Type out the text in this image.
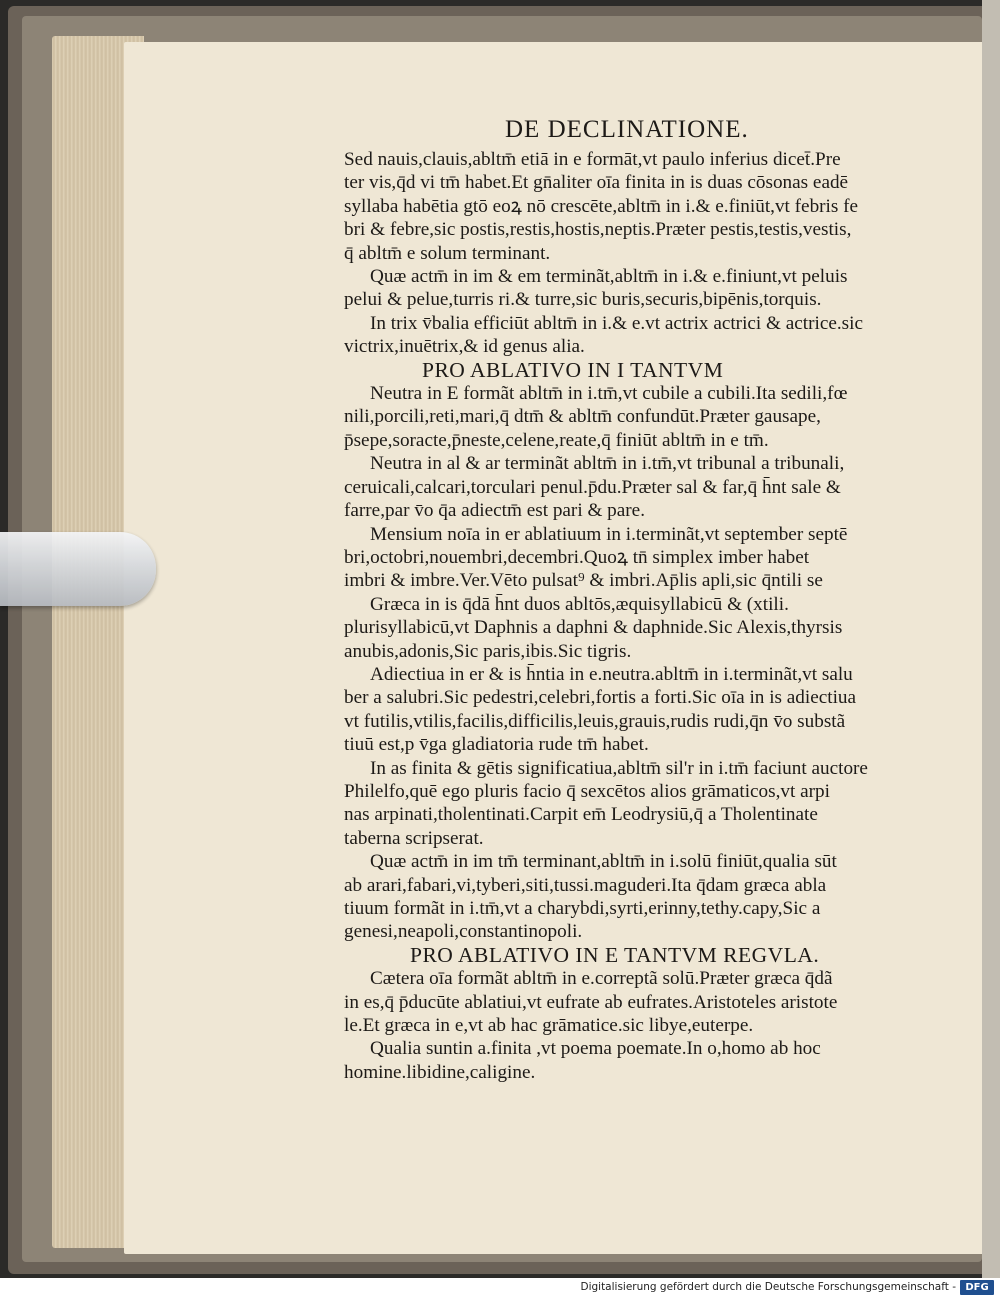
DE DECLINATIONE.
Sed nauis,clauis,abltm̄ etiā in e formāt,vt paulo inferius dicet̄.Pre
ter vis,q̄d vi tm̄ habet.Et gn̄aliter oīa finita in is duas cōsonas eadē
syllaba habētia gtō eoꝝ nō crescēte,abltm̄ in i.& e.finiūt,vt febris fe
bri & febre,sic postis,restis,hostis,neptis.Præter pestis,testis,vestis,
q̄ abltm̄ e solum terminant.
Quæ actm̄ in im & em terminãt,abltm̄ in i.& e.finiunt,vt peluis
pelui & pelue,turris ri.& turre,sic buris,securis,bipēnis,torquis.
In trix v̄balia efficiūt abltm̄ in i.& e.vt actrix actrici & actrice.sic
victrix,inuētrix,& id genus alia.
PRO ABLATIVO IN I TANTVM
Neutra in E formãt abltm̄ in i.tm̄,vt cubile a cubili.Ita sedili,fœ
nili,porcili,reti,mari,q̄ dtm̄ & abltm̄ confundūt.Præter gausape,
p̄sepe,soracte,p̄neste,celene,reate,q̄ finiūt abltm̄ in e tm̄.
Neutra in al & ar terminãt abltm̄ in i.tm̄,vt tribunal a tribunali,
ceruicali,calcari,torculari penul.p̄du.Præter sal & far,q̄ h̄nt sale &
farre,par v̄o q̄a adiectm̄ est pari & pare.
Mensium noīa in er ablatiuum in i.terminãt,vt september septē
bri,octobri,nouembri,decembri.Quoꝝ tn̄ simplex imber habet
imbri & imbre.Ver.Vēto pulsat⁹ & imbri.Ap̄lis apli,sic q̄ntili se
Græca in is q̄dā h̄nt duos abltōs,æquisyllabicū & (xtili.
plurisyllabicū,vt Daphnis a daphni & daphnide.Sic Alexis,thyrsis
anubis,adonis,Sic paris,ibis.Sic tigris.
Adiectiua in er & is h̄ntia in e.neutra.abltm̄ in i.terminãt,vt salu
ber a salubri.Sic pedestri,celebri,fortis a forti.Sic oīa in is adiectiua
vt futilis,vtilis,facilis,difficilis,leuis,grauis,rudis rudi,q̄n v̄o substã
tiuū est,p v̄ga gladiatoria rude tm̄ habet.
In as finita & gētis significatiua,abltm̄ sil'r in i.tm̄ faciunt auctore
Philelfo,quē ego pluris facio q̄ sexcētos alios grāmaticos,vt arpi
nas arpinati,tholentinati.Carpit em̄ Leodrysiū,q̄ a Tholentinate
taberna scripserat.
Quæ actm̄ in im tm̄ terminant,abltm̄ in i.solū finiūt,qualia sūt
ab arari,fabari,vi,tyberi,siti,tussi.maguderi.Ita q̄dam græca abla
tiuum formãt in i.tm̄,vt a charybdi,syrti,erinny,tethy.capy,Sic a
genesi,neapoli,constantinopoli.
PRO ABLATIVO IN E TANTVM REGVLA.
Cætera oīa formãt abltm̄ in e.correptã solū.Præter græca q̄dã
in es,q̄ p̄ducūte ablatiui,vt eufrate ab eufrates.Aristoteles aristote
le.Et græca in e,vt ab hac grāmatice.sic libye,euterpe.
Qualia suntin a.finita ,vt poema poemate.In o,homo ab hoc
homine.libidine,caligine.
Digitalisierung gefördert durch die Deutsche Forschungsgemeinschaft - DFG
